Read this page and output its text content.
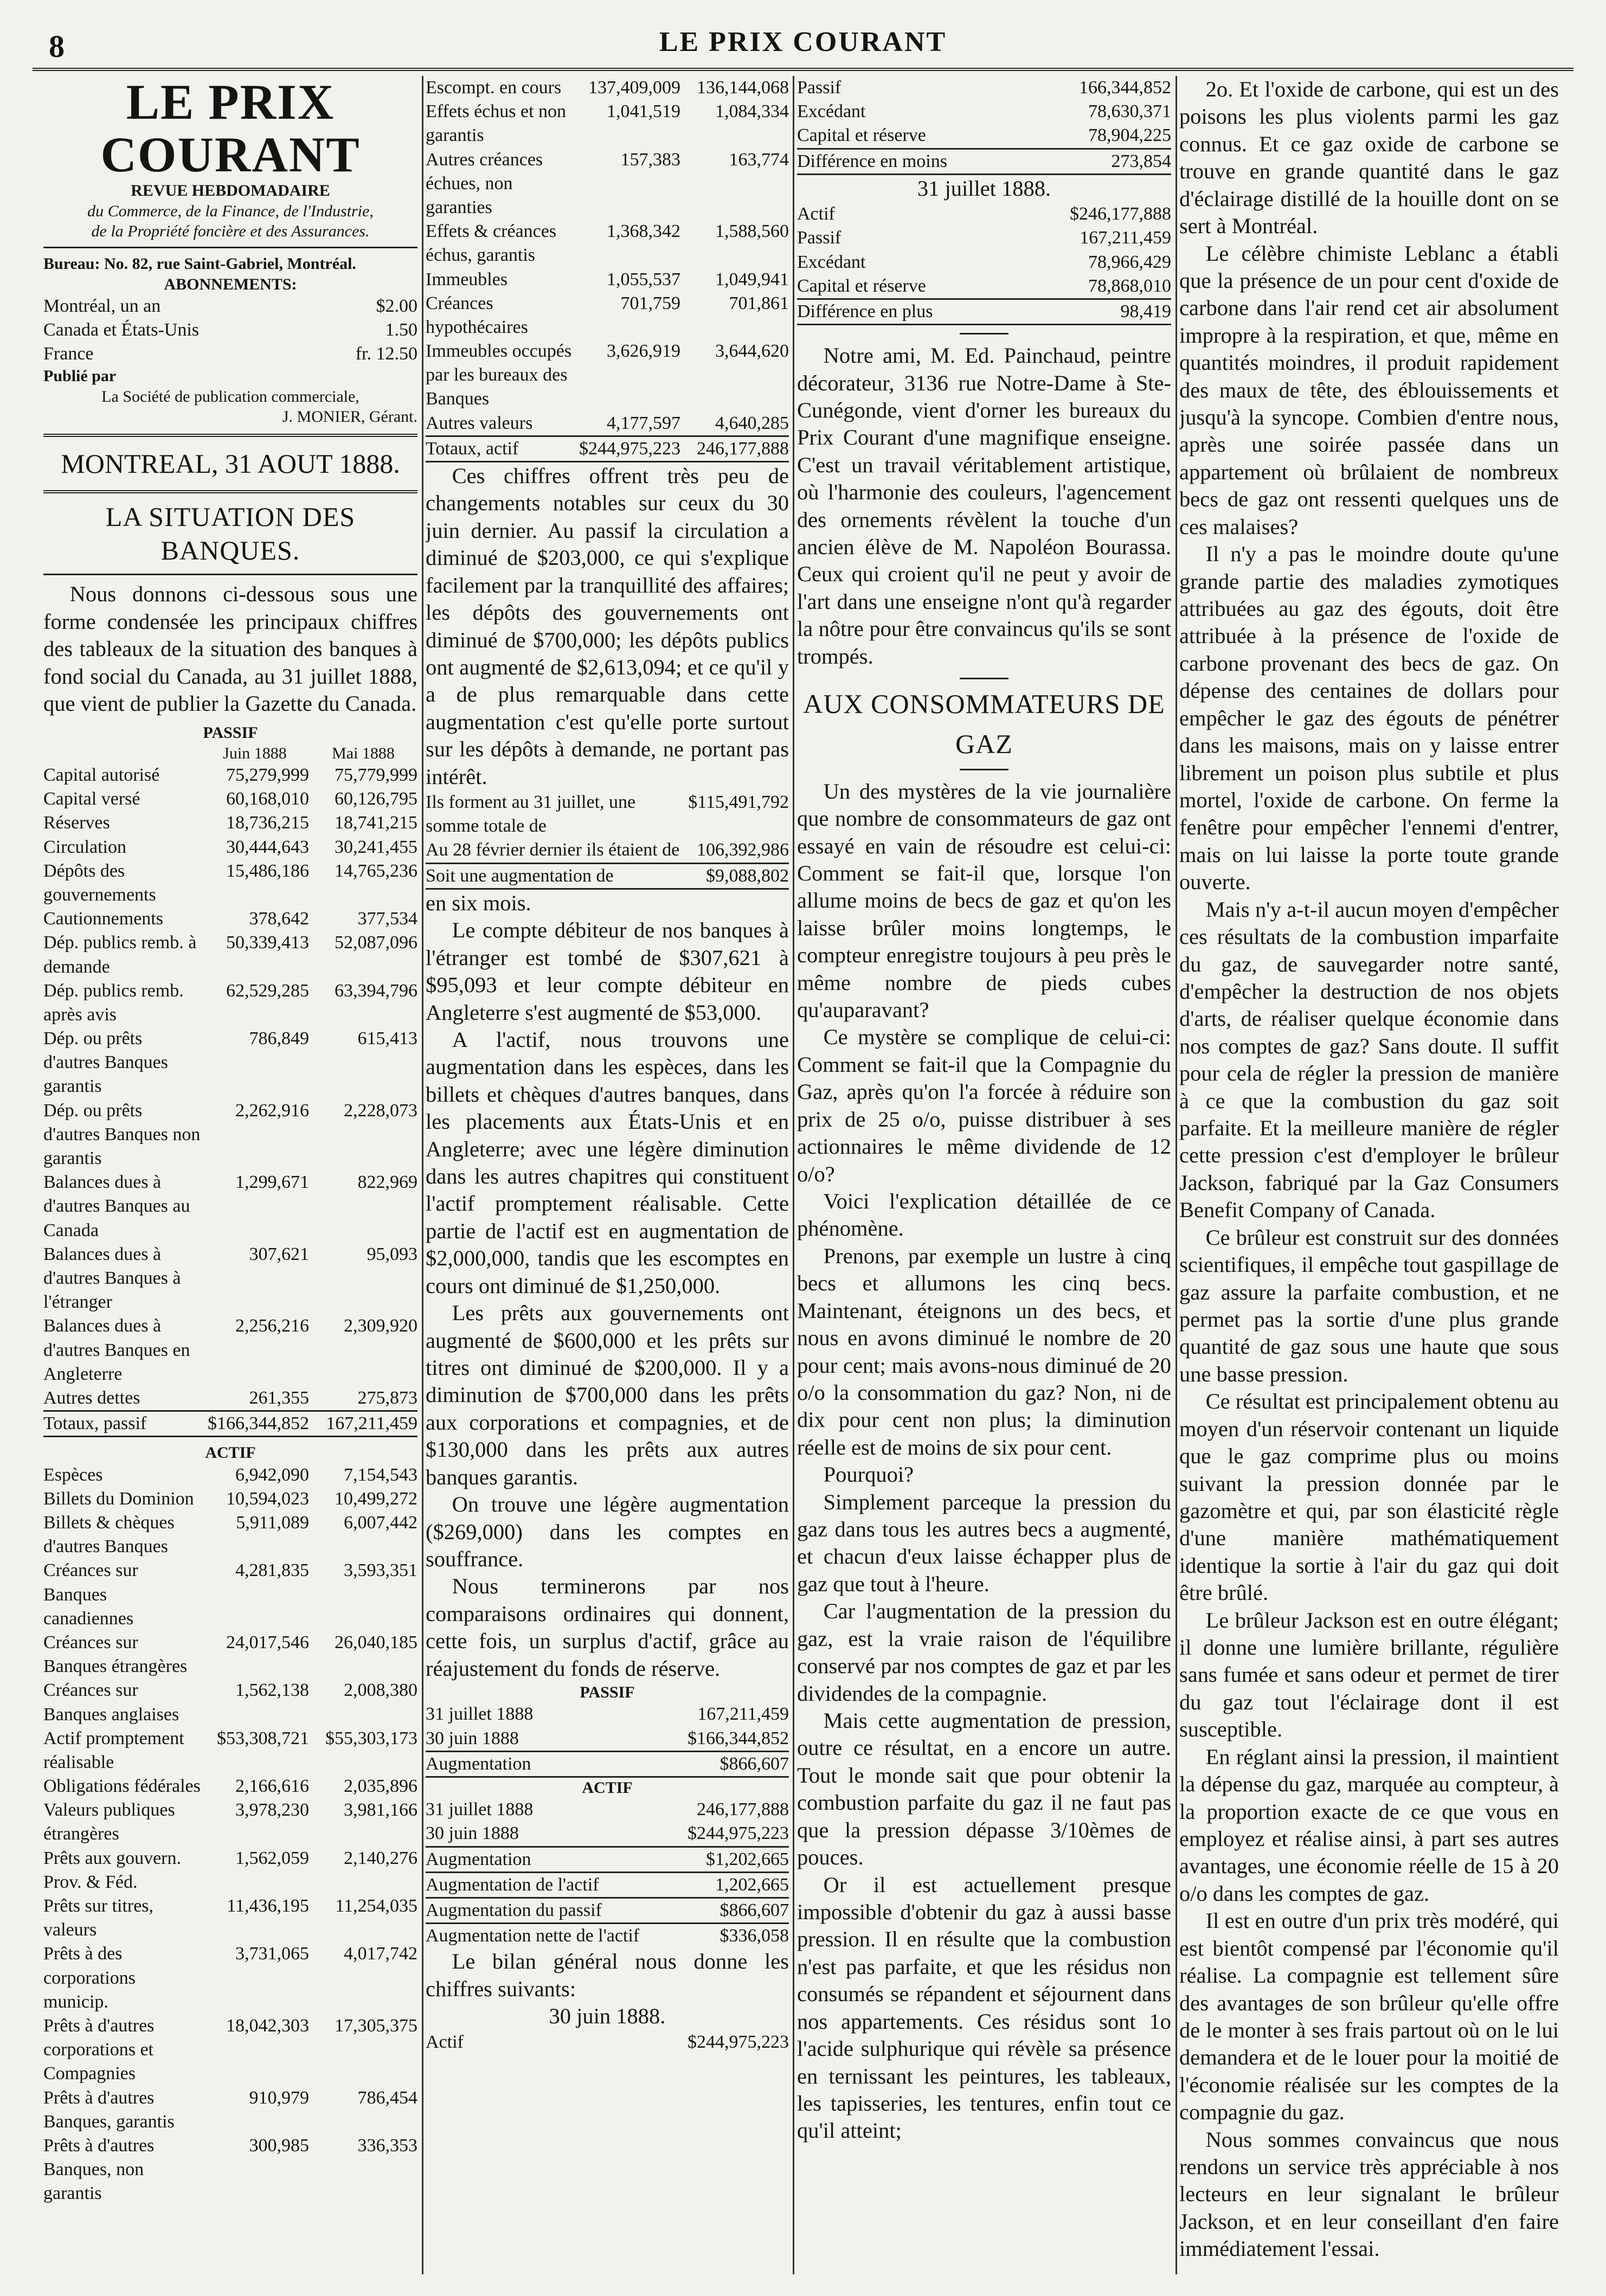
8	LE PRIX COURANT
LE PRIX COURANT
REVUE HEBDOMADAIRE
du Commerce, de la Finance, de l'Industrie,
de la Propriété foncière et des Assurances.
Bureau: No. 82, rue Saint-Gabriel, Montréal.
ABONNEMENTS:
Montréal, un an	$2.00
Canada et États-Unis	1.50
France	fr. 12.50
Publié par
La Société de publication commerciale,
J. MONIER, Gérant.
MONTREAL, 31 AOUT 1888.
LA SITUATION DES BANQUES.

Nous donnons ci-dessous sous une forme condensée les principaux chiffres des tableaux de la situation des banques à fond social du Canada, au 31 juillet 1888, que vient de publier la Gazette du Canada.

PASSIF
Juin 1888	Mai 1888
Capital autorisé	75,279,999	75,779,999
Capital versé	60,168,010	60,126,795
Réserves	18,736,215	18,741,215
Circulation	30,444,643	30,241,455
Dépôts des gouvernements
15,486,186	14,765,236
Cautionnements	378,642	377,534
Dép. publics remb. à demande
50,339,413	52,087,096
Dép. publics remb. après avis
62,529,285	63,394,796
Dép. ou prêts d'autres Banques garantis
786,849	615,413
Dép. ou prêts d'autres Banques non garantis
2,262,916	2,228,073
Balances dues à d'autres Banques au Canada
1,299,671	822,969
Balances dues à d'autres Banques à l'étranger
307,621	95,093
Balances dues à d'autres Banques en Angleterre
2,256,216	2,309,920
Autres dettes	261,355	275,873
Totaux, passif	$166,344,852 167,211,459
ACTIF
Espèces	6,942,090	7,154,543
Billets du Dominion	10,594,023	10,499,272
Billets & chèques d'autres Banques
5,911,089	6,007,442
Créances sur Banques canadiennes
4,281,835	3,593,351
Créances sur Banques étrangères
24,017,546	26,040,185
Créances sur Banques anglaises
1,562,138	2,008,380
Actif promptement réalisable
$53,308,721 $55,303,173
Obligations fédérales	2,166,616	2,035,896
Valeurs publiques étrangères
3,978,230	3,981,166
Prêts aux gouvern. Prov. & Féd.
1,562,059	2,140,276
Prêts sur titres, valeurs
11,436,195	11,254,035
Prêts à des corporations municip.
3,731,065	4,017,742
Prêts à d'autres corporations et Compagnies
18,042,303	17,305,375
Prêts à d'autres Banques, garantis
910,979	786,454
Prêts à d'autres Banques, non garantis
300,985	336,353
Escompt. en cours	137,409,009 136,144,068
Effets échus et non garantis
1,041,519	1,084,334
Autres créances échues, non garanties
157,383	163,774
Effets & créances échus, garantis
1,368,342	1,588,560
Immeubles	1,055,537	1,049,941
Créances hypothécaires
701,759	701,861
Immeubles occupés par les bureaux des Banques
3,626,919	3,644,620
Autres valeurs	4,177,597	4,640,285
Totaux, actif	$244,975,223 246,177,888

Ces chiffres offrent très peu de changements notables sur ceux du 30 juin dernier. Au passif la circulation a diminué de $203,000, ce qui s'explique facilement par la tranquillité des affaires; les dépôts des gouvernements ont diminué de $700,000; les dépôts publics ont augmenté de $2,613,094; et ce qu'il y a de plus remarquable dans cette augmentation c'est qu'elle porte surtout sur les dépôts à demande, ne portant pas intérêt.

Ils forment au 31 juillet, une somme totale de
$115,491,792
Au 28 février dernier ils étaient de 106,392,986
Soit une augmentation de	$9,088,802
en six mois.

Le compte débiteur de nos banques à l'étranger est tombé de $307,621 à $95,093 et leur compte débiteur en Angleterre s'est augmenté de $53,000.

A l'actif, nous trouvons une augmentation dans les espèces, dans les billets et chèques d'autres banques, dans les placements aux États-Unis et en Angleterre; avec une légère diminution dans les autres chapitres qui constituent l'actif promptement réalisable. Cette partie de l'actif est en augmentation de $2,000,000, tandis que les escomptes en cours ont diminué de $1,250,000.

Les prêts aux gouvernements ont augmenté de $600,000 et les prêts sur titres ont diminué de $200,000. Il y a diminution de $700,000 dans les prêts aux corporations et compagnies, et de $130,000 dans les prêts aux autres banques garantis.

On trouve une légère augmentation ($269,000) dans les comptes en souffrance.

Nous terminerons par nos comparaisons ordinaires qui donnent, cette fois, un surplus d'actif, grâce au réajustement du fonds de réserve.

PASSIF
31 juillet 1888	167,211,459
30 juin 1888	$166,344,852
Augmentation	$866,607
ACTIF
31 juillet 1888	246,177,888
30 juin 1888	$244,975,223
Augmentation	$1,202,665
Augmentation de l'actif	1,202,665
Augmentation du passif	$866,607
Augmentation nette de l'actif	$336,058

Le bilan général nous donne les chiffres suivants:

30 juin 1888.
Actif	$244,975,223
Passif	166,344,852
Excédant	78,630,371
Capital et réserve	78,904,225
Différence en moins	273,854
31 juillet 1888.
Actif	$246,177,888
Passif	167,211,459
Excédant	78,966,429
Capital et réserve	78,868,010
Différence en plus	98,419

Notre ami, M. Ed. Painchaud, peintre décorateur, 3136 rue Notre-Dame à Ste-Cunégonde, vient d'orner les bureaux du Prix Courant d'une magnifique enseigne. C'est un travail véritablement artistique, où l'harmonie des couleurs, l'agencement des ornements révèlent la touche d'un ancien élève de M. Napoléon Bourassa. Ceux qui croient qu'il ne peut y avoir de l'art dans une enseigne n'ont qu'à regarder la nôtre pour être convaincus qu'ils se sont trompés.

AUX CONSOMMATEURS DE
GAZ

Un des mystères de la vie journalière que nombre de consommateurs de gaz ont essayé en vain de résoudre est celui-ci: Comment se fait-il que, lorsque l'on allume moins de becs de gaz et qu'on les laisse brûler moins longtemps, le compteur enregistre toujours à peu près le même nombre de pieds cubes qu'auparavant?

Ce mystère se complique de celui-ci: Comment se fait-il que la Compagnie du Gaz, après qu'on l'a forcée à réduire son prix de 25 o/o, puisse distribuer à ses actionnaires le même dividende de 12 o/o?

Voici l'explication détaillée de ce phénomène.

Prenons, par exemple un lustre à cinq becs et allumons les cinq becs. Maintenant, éteignons un des becs, et nous en avons diminué le nombre de 20 pour cent; mais avons-nous diminué de 20 o/o la consommation du gaz? Non, ni de dix pour cent non plus; la diminution réelle est de moins de six pour cent.

Pourquoi?

Simplement parceque la pression du gaz dans tous les autres becs a augmenté, et chacun d'eux laisse échapper plus de gaz que tout à l'heure.

Car l'augmentation de la pression du gaz, est la vraie raison de l'équilibre conservé par nos comptes de gaz et par les dividendes de la compagnie.

Mais cette augmentation de pression, outre ce résultat, en a encore un autre. Tout le monde sait que pour obtenir la combustion parfaite du gaz il ne faut pas que la pression dépasse 3/10èmes de pouces.

Or il est actuellement presque impossible d'obtenir du gaz à aussi basse pression. Il en résulte que la combustion n'est pas parfaite, et que les résidus non consumés se répandent et séjournent dans nos appartements. Ces résidus sont 1o l'acide sulphurique qui révèle sa présence en ternissant les peintures, les tableaux, les tapisseries, les tentures, enfin tout ce qu'il atteint;

2o. Et l'oxide de carbone, qui est un des poisons les plus violents parmi les gaz connus. Et ce gaz oxide de carbone se trouve en grande quantité dans le gaz d'éclairage distillé de la houille dont on se sert à Montréal.

Le célèbre chimiste Leblanc a établi que la présence de un pour cent d'oxide de carbone dans l'air rend cet air absolument impropre à la respiration, et que, même en quantités moindres, il produit rapidement des maux de tête, des éblouissements et jusqu'à la syncope. Combien d'entre nous, après une soirée passée dans un appartement où brûlaient de nombreux becs de gaz ont ressenti quelques uns de ces malaises?

Il n'y a pas le moindre doute qu'une grande partie des maladies zymotiques attribuées au gaz des égouts, doit être attribuée à la présence de l'oxide de carbone provenant des becs de gaz. On dépense des centaines de dollars pour empêcher le gaz des égouts de pénétrer dans les maisons, mais on y laisse entrer librement un poison plus subtile et plus mortel, l'oxide de carbone. On ferme la fenêtre pour empêcher l'ennemi d'entrer, mais on lui laisse la porte toute grande ouverte.

Mais n'y a-t-il aucun moyen d'empêcher ces résultats de la combustion imparfaite du gaz, de sauvegarder notre santé, d'empêcher la destruction de nos objets d'arts, de réaliser quelque économie dans nos comptes de gaz? Sans doute. Il suffit pour cela de régler la pression de manière à ce que la combustion du gaz soit parfaite. Et la meilleure manière de régler cette pression c'est d'employer le brûleur Jackson, fabriqué par la Gaz Consumers Benefit Company of Canada.

Ce brûleur est construit sur des données scientifiques, il empêche tout gaspillage de gaz assure la parfaite combustion, et ne permet pas la sortie d'une plus grande quantité de gaz sous une haute que sous une basse pression.

Ce résultat est principalement obtenu au moyen d'un réservoir contenant un liquide que le gaz comprime plus ou moins suivant la pression donnée par le gazomètre et qui, par son élasticité règle d'une manière mathématiquement identique la sortie à l'air du gaz qui doit être brûlé.

Le brûleur Jackson est en outre élégant; il donne une lumière brillante, régulière sans fumée et sans odeur et permet de tirer du gaz tout l'éclairage dont il est susceptible.

En réglant ainsi la pression, il maintient la dépense du gaz, marquée au compteur, à la proportion exacte de ce que vous en employez et réalise ainsi, à part ses autres avantages, une économie réelle de 15 à 20 o/o dans les comptes de gaz.

Il est en outre d'un prix très modéré, qui est bientôt compensé par l'économie qu'il réalise. La compagnie est tellement sûre des avantages de son brûleur qu'elle offre de le monter à ses frais partout où on le lui demandera et de le louer pour la moitié de l'économie réalisée sur les comptes de la compagnie du gaz.

Nous sommes convaincus que nous rendons un service très appréciable à nos lecteurs en leur signalant le brûleur Jackson, et en leur conseillant d'en faire immédiatement l'essai.
